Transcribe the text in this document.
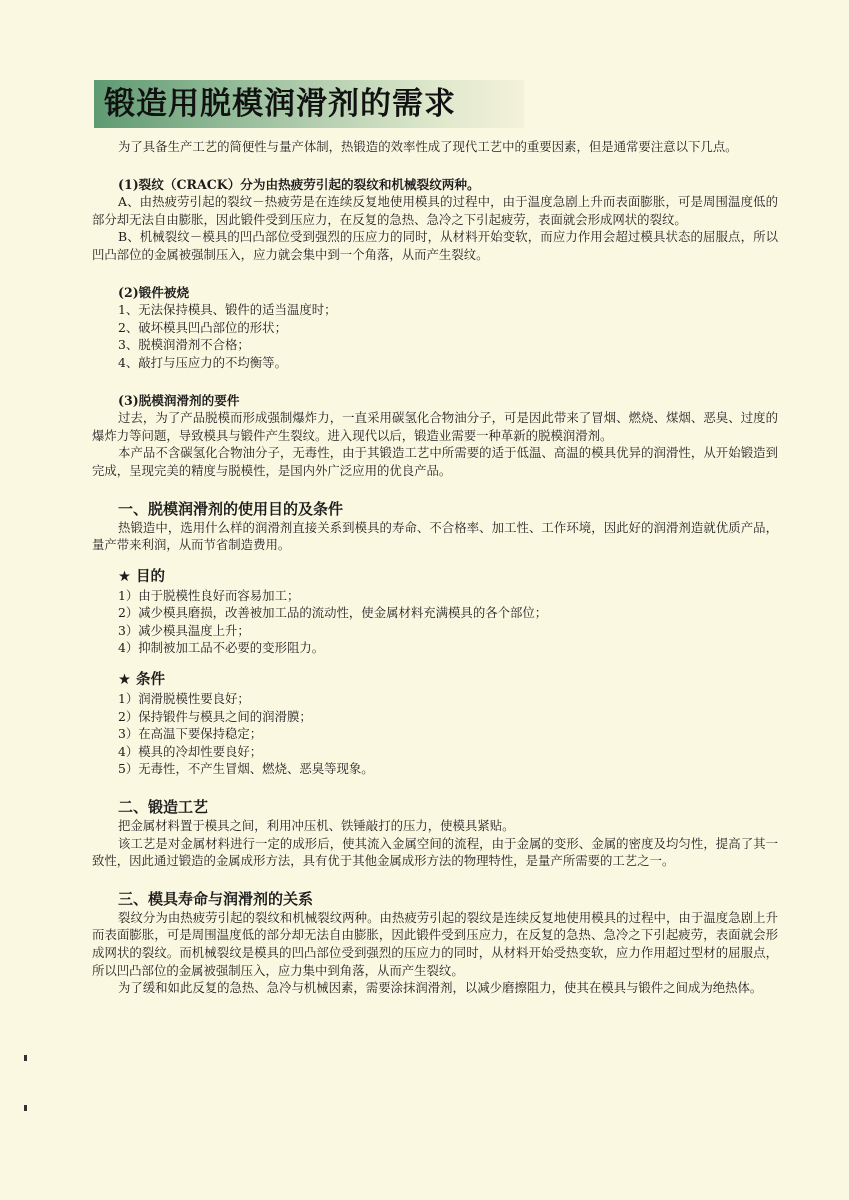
锻造用脱模润滑剂的需求

为了具备生产工艺的简便性与量产体制，热锻造的效率性成了现代工艺中的重要因素，但是通常要注意以下几点。

(1)裂纹（CRACK）分为由热疲劳引起的裂纹和机械裂纹两种。

A、由热疲劳引起的裂纹－热疲劳是在连续反复地使用模具的过程中，由于温度急剧上升而表面膨胀，可是周围温度低的部分却无法自由膨胀，因此锻件受到压应力，在反复的急热、急冷之下引起疲劳，表面就会形成网状的裂纹。

B、机械裂纹－模具的凹凸部位受到强烈的压应力的同时，从材料开始变软，而应力作用会超过模具状态的屈服点，所以凹凸部位的金属被强制压入，应力就会集中到一个角落，从而产生裂纹。

(2)锻件被烧

1、无法保持模具、锻件的适当温度时；

2、破坏模具凹凸部位的形状；

3、脱模润滑剂不合格；

4、敲打与压应力的不均衡等。

(3)脱模润滑剂的要件

过去，为了产品脱模而形成强制爆炸力，一直采用碳氢化合物油分子，可是因此带来了冒烟、燃烧、煤烟、恶臭、过度的爆炸力等问题，导致模具与锻件产生裂纹。进入现代以后，锻造业需要一种革新的脱模润滑剂。

本产品不含碳氢化合物油分子，无毒性，由于其锻造工艺中所需要的适于低温、高温的模具优异的润滑性，从开始锻造到完成，呈现完美的精度与脱模性，是国内外广泛应用的优良产品。

一、脱模润滑剂的使用目的及条件

热锻造中，选用什么样的润滑剂直接关系到模具的寿命、不合格率、加工性、工作环境，因此好的润滑剂造就优质产品，量产带来利润，从而节省制造费用。

★ 目的

1）由于脱模性良好而容易加工；

2）减少模具磨损，改善被加工品的流动性，使金属材料充满模具的各个部位；

3）减少模具温度上升；

4）抑制被加工品不必要的变形阻力。

★ 条件

1）润滑脱模性要良好；

2）保持锻件与模具之间的润滑膜；

3）在高温下要保持稳定；

4）模具的冷却性要良好；

5）无毒性，不产生冒烟、燃烧、恶臭等现象。

二、锻造工艺

把金属材料置于模具之间，利用冲压机、铁锤敲打的压力，使模具紧贴。

该工艺是对金属材料进行一定的成形后，使其流入金属空间的流程，由于金属的变形、金属的密度及均匀性，提高了其一致性，因此通过锻造的金属成形方法，具有优于其他金属成形方法的物理特性，是量产所需要的工艺之一。

三、模具寿命与润滑剂的关系

裂纹分为由热疲劳引起的裂纹和机械裂纹两种。由热疲劳引起的裂纹是连续反复地使用模具的过程中，由于温度急剧上升而表面膨胀，可是周围温度低的部分却无法自由膨胀，因此锻件受到压应力，在反复的急热、急冷之下引起疲劳，表面就会形成网状的裂纹。而机械裂纹是模具的凹凸部位受到强烈的压应力的同时，从材料开始受热变软，应力作用超过型材的屈服点，所以凹凸部位的金属被强制压入，应力集中到角落，从而产生裂纹。

为了缓和如此反复的急热、急冷与机械因素，需要涂抹润滑剂，以减少磨擦阻力，使其在模具与锻件之间成为绝热体。
